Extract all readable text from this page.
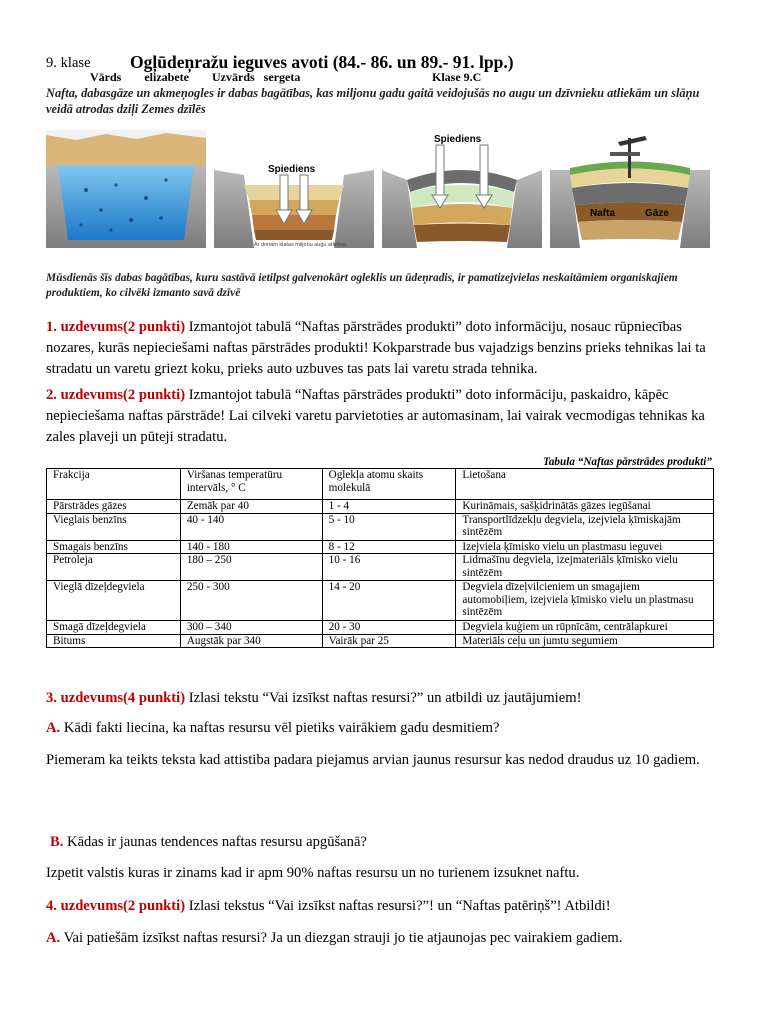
9. klase Ogļūdeņražu ieguves avoti (84.- 86. un 89.- 91. lpp.)
Vārds elizabete Uzvārds sergeta	Klase 9.C
Nafta, dabasgāze un akmeņogles ir dabas bagātības, kas miljonu gadu gaitā veidojušās no augu un dzīvnieku atliekām un slāņu veidā atrodas dziļi Zemes dzīlēs
Spiediens
Ar donam klatas miljonu augu atliekas
Spiediens
Nafta	Gāze
Mūsdienās šīs dabas bagātības, kuru sastāvā ietilpst galvenokārt ogleklis un ūdeņradis, ir pamatizejvielas neskaitāmiem organiskajiem produktiem, ko cilvēki izmanto savā dzīvē
1. uzdevums(2 punkti) Izmantojot tabulā “Naftas pārstrādes produkti” doto informāciju, nosauc rūpniecības nozares, kurās nepieciešami naftas pārstrādes produkti! Kokparstrade bus vajadzigs benzins prieks tehnikas lai ta stradatu un varetu griezt koku, prieks auto uzbuves tas pats lai varetu strada tehnika.
2. uzdevums(2 punkti) Izmantojot tabulā “Naftas pārstrādes produkti” doto informāciju, paskaidro, kāpēc nepieciešama naftas pārstrāde! Lai cilveki varetu parvietoties ar automasinam, lai vairak vecmodigas tehnikas ka zales plaveji un pūteji stradatu.
Tabula “Naftas pārstrādes produkti”
Frakcija	Viršanas temperatūru intervāls, ° C	Oglekļa atomu skaits molekulā	Lietošana
Pārstrādes gāzes	Zemāk par 40	1 - 4	Kurināmais, sašķidrinātās gāzes iegūšanai
Vieglais benzīns	40 - 140	5 - 10	Transportlīdzekļu degviela, izejviela ķīmiskajām sintēzēm
Smagais benzīns	140 - 180	8 - 12	Izejviela ķīmisko vielu un plastmasu ieguvei
Petroleja	180 – 250	10 - 16	Lidmašīnu degviela, izejmateriāls ķīmisko vielu sintēzēm
Vieglā dīzeļdegviela	250 - 300	14 - 20	Degviela dīzeļvilcieniem un smagajiem automobiļiem, izejviela ķīmisko vielu un plastmasu sintēzēm
Smagā dīzeļdegviela	300 – 340	20 - 30	Degviela kuģiem un rūpnīcām, centrālapkurei
Bitums	Augstāk par 340	Vairāk par 25	Materiāls ceļu un jumtu segumiem
3. uzdevums(4 punkti) Izlasi tekstu “Vai izsīkst naftas resursi?” un atbildi uz jautājumiem!
A. Kādi fakti liecina, ka naftas resursu vēl pietiks vairākiem gadu desmitiem?
Piemeram ka teikts teksta kad attistiba padara piejamus arvian jaunus resursur kas nedod draudus uz 10 gadiem.
B. Kādas ir jaunas tendences naftas resursu apgūšanā?
Izpetit valstis kuras ir zinams kad ir apm 90% naftas resursu un no turienem izsuknet naftu.
4. uzdevums(2 punkti) Izlasi tekstus “Vai izsīkst naftas resursi?”! un “Naftas patēriņš”! Atbildi!
A. Vai patiešām izsīkst naftas resursi? Ja un diezgan strauji jo tie atjaunojas pec vairakiem gadiem.
